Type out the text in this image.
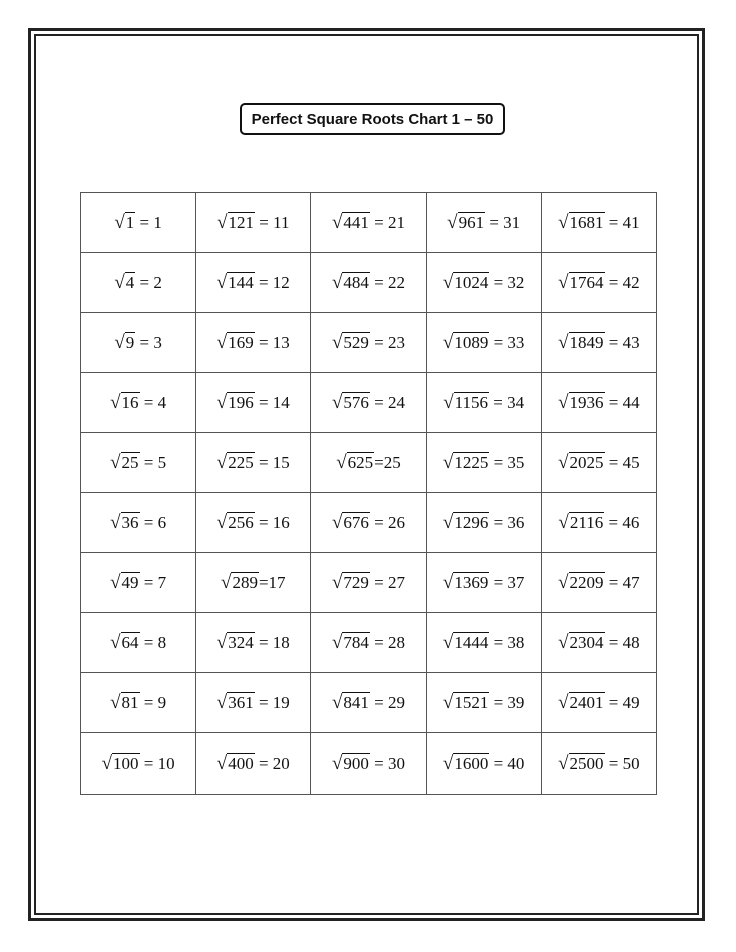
Perfect Square Roots Chart 1 – 50
√1 = 1	√121 = 11	√441 = 21	√961 = 31	√1681 = 41
√4 = 2	√144 = 12	√484 = 22	√1024 = 32	√1764 = 42
√9 = 3	√169 = 13	√529 = 23	√1089 = 33	√1849 = 43
√16 = 4	√196 = 14	√576 = 24	√1156 = 34	√1936 = 44
√25 = 5	√225 = 15	√625=25	√1225 = 35	√2025 = 45
√36 = 6	√256 = 16	√676 = 26	√1296 = 36	√2116 = 46
√49 = 7	√289=17	√729 = 27	√1369 = 37	√2209 = 47
√64 = 8	√324 = 18	√784 = 28	√1444 = 38	√2304 = 48
√81 = 9	√361 = 19	√841 = 29	√1521 = 39	√2401 = 49
√100 = 10	√400 = 20	√900 = 30	√1600 = 40	√2500 = 50
